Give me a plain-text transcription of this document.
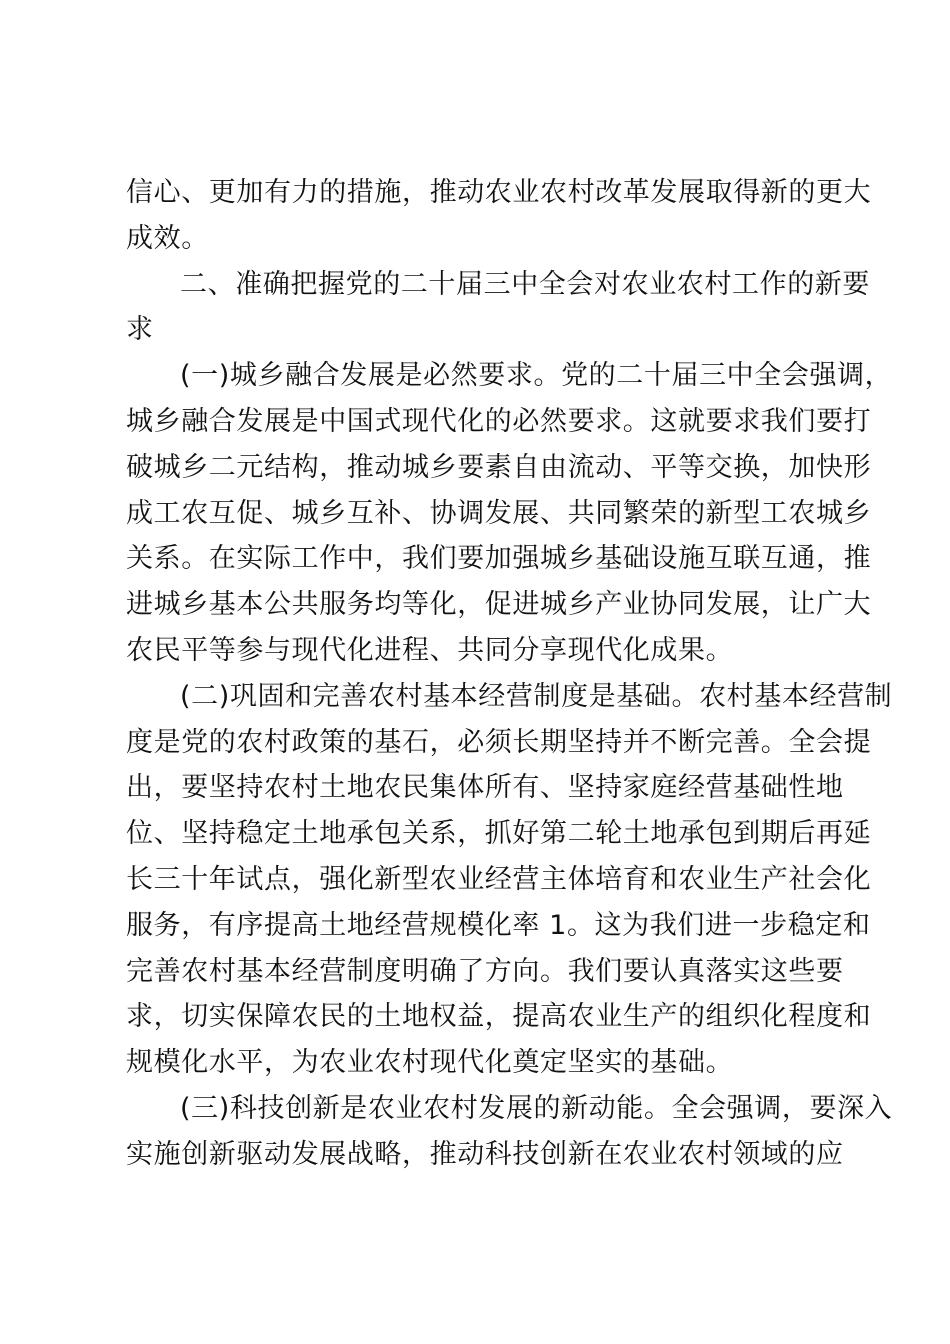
信心、更加有力的措施，推动农业农村改革发展取得新的更大
成效。
二、准确把握党的二十届三中全会对农业农村工作的新要
求
(一)城乡融合发展是必然要求。党的二十届三中全会强调，
城乡融合发展是中国式现代化的必然要求。这就要求我们要打
破城乡二元结构，推动城乡要素自由流动、平等交换，加快形
成工农互促、城乡互补、协调发展、共同繁荣的新型工农城乡
关系。在实际工作中，我们要加强城乡基础设施互联互通，推
进城乡基本公共服务均等化，促进城乡产业协同发展，让广大
农民平等参与现代化进程、共同分享现代化成果。
(二)巩固和完善农村基本经营制度是基础。农村基本经营制
度是党的农村政策的基石，必须长期坚持并不断完善。全会提
出，要坚持农村土地农民集体所有、坚持家庭经营基础性地
位、坚持稳定土地承包关系，抓好第二轮土地承包到期后再延
长三十年试点，强化新型农业经营主体培育和农业生产社会化
服务，有序提高土地经营规模化率 1。这为我们进一步稳定和
完善农村基本经营制度明确了方向。我们要认真落实这些要
求，切实保障农民的土地权益，提高农业生产的组织化程度和
规模化水平，为农业农村现代化奠定坚实的基础。
(三)科技创新是农业农村发展的新动能。全会强调，要深入
实施创新驱动发展战略，推动科技创新在农业农村领域的应
